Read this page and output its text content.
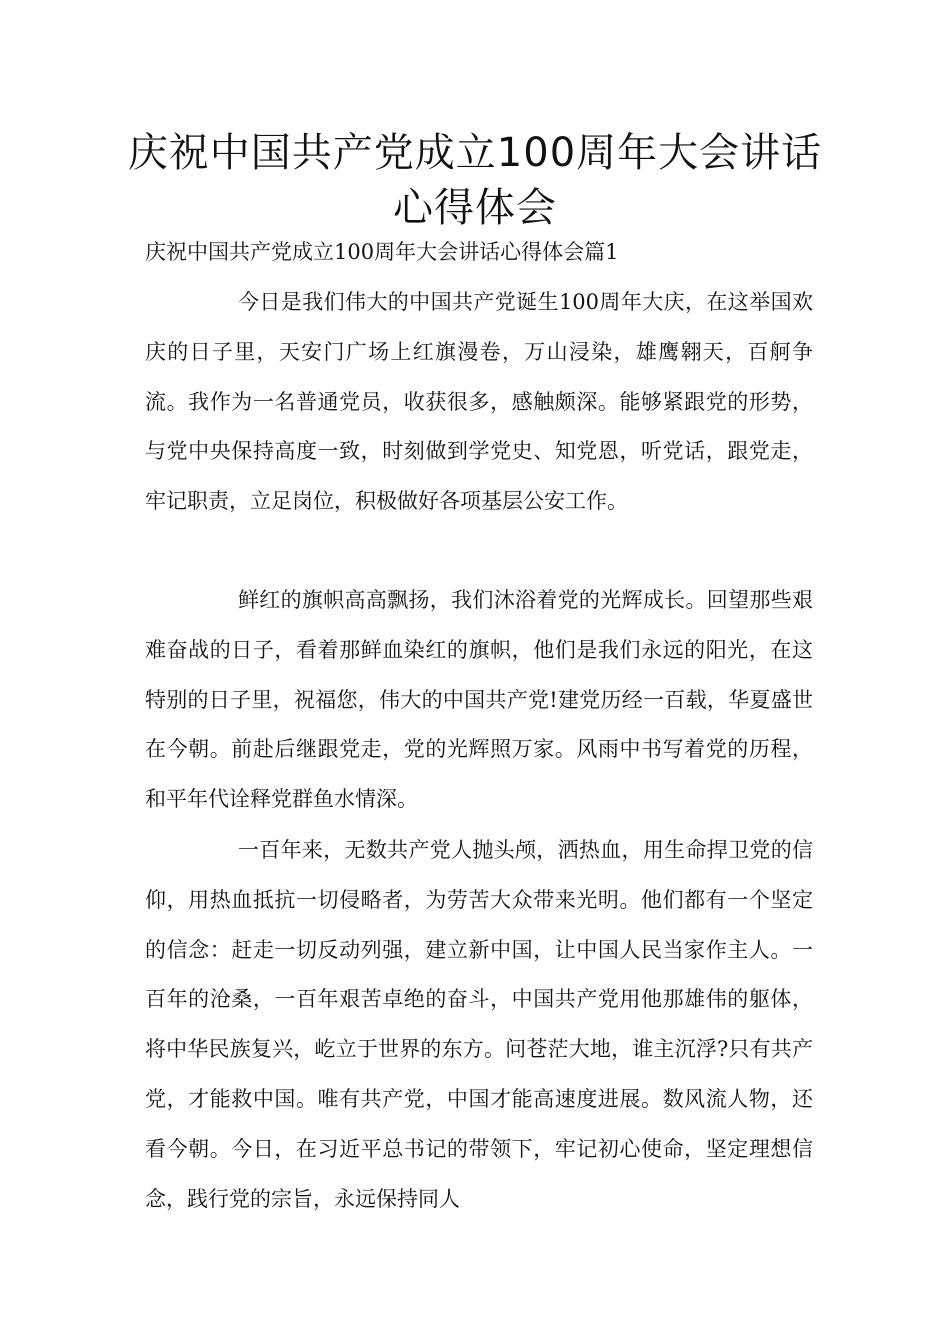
庆祝中国共产党成立100周年大会讲话
心得体会
庆祝中国共产党成立100周年大会讲话心得体会篇1
今日是我们伟大的中国共产党诞生100周年大庆，在这举国欢庆的日子里，天安门广场上红旗漫卷，万山浸染，雄鹰翱天，百舸争流。我作为一名普通党员，收获很多，感触颇深。能够紧跟党的形势，与党中央保持高度一致，时刻做到学党史、知党恩，听党话，跟党走，牢记职责，立足岗位，积极做好各项基层公安工作。
鲜红的旗帜高高飘扬，我们沐浴着党的光辉成长。回望那些艰难奋战的日子，看着那鲜血染红的旗帜，他们是我们永远的阳光，在这特别的日子里，祝福您，伟大的中国共产党!建党历经一百载，华夏盛世在今朝。前赴后继跟党走，党的光辉照万家。风雨中书写着党的历程，和平年代诠释党群鱼水情深。
一百年来，无数共产党人抛头颅，洒热血，用生命捍卫党的信仰，用热血抵抗一切侵略者，为劳苦大众带来光明。他们都有一个坚定的信念：赶走一切反动列强，建立新中国，让中国人民当家作主人。一百年的沧桑，一百年艰苦卓绝的奋斗，中国共产党用他那雄伟的躯体，将中华民族复兴，屹立于世界的东方。问苍茫大地，谁主沉浮?只有共产党，才能救中国。唯有共产党，中国才能高速度进展。数风流人物，还看今朝。今日，在习近平总书记的带领下，牢记初心使命，坚定理想信念，践行党的宗旨，永远保持同人
